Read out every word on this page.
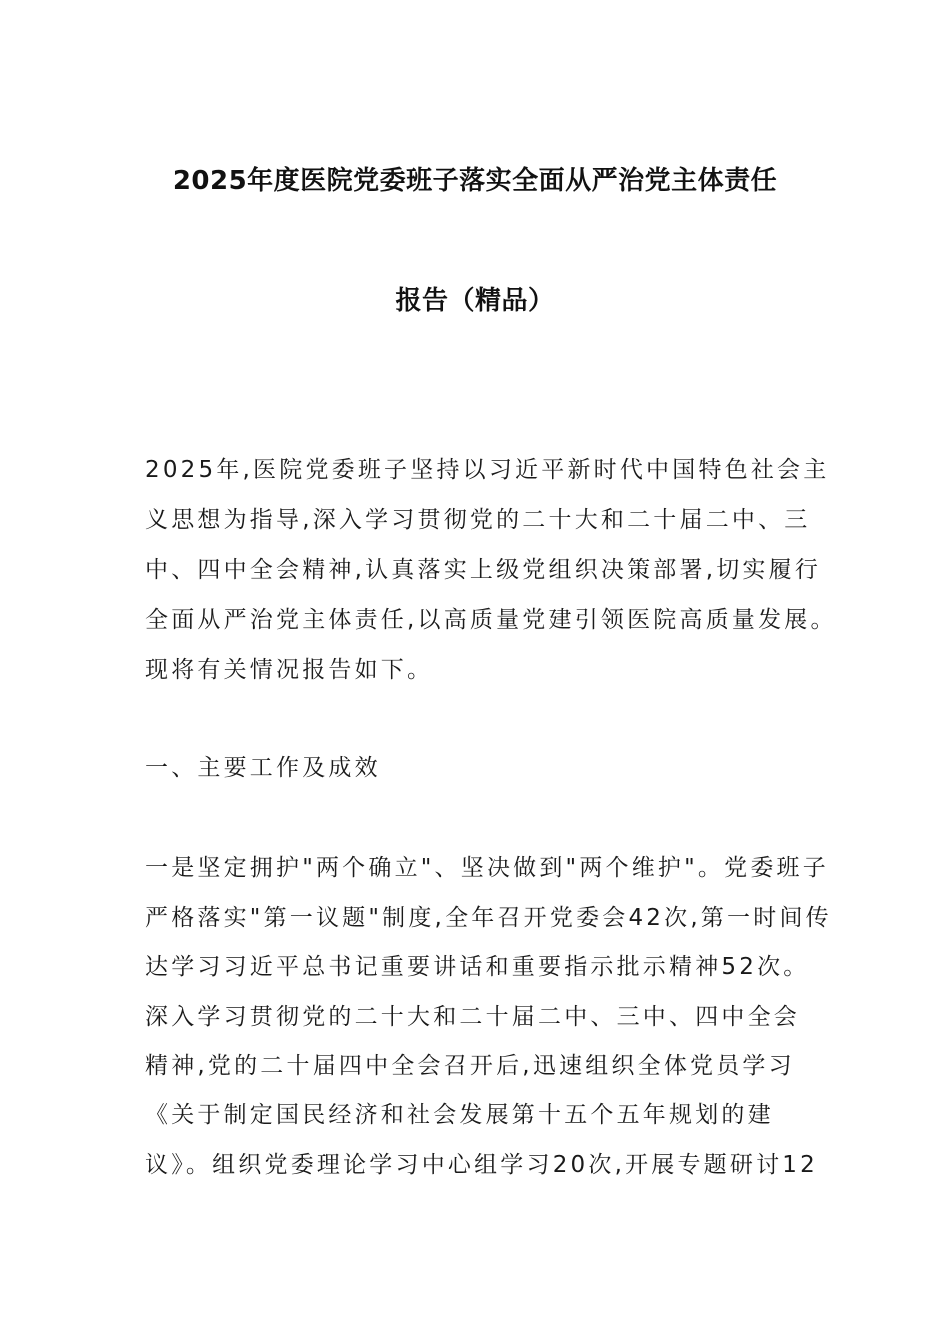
2025年度医院党委班子落实全面从严治党主体责任
报告（精品）
2025年,医院党委班子坚持以习近平新时代中国特色社会主
义思想为指导,深入学习贯彻党的二十大和二十届二中、三
中、四中全会精神,认真落实上级党组织决策部署,切实履行
全面从严治党主体责任,以高质量党建引领医院高质量发展。
现将有关情况报告如下。
一、主要工作及成效
一是坚定拥护"两个确立"、坚决做到"两个维护"。党委班子
严格落实"第一议题"制度,全年召开党委会42次,第一时间传
达学习习近平总书记重要讲话和重要指示批示精神52次。
深入学习贯彻党的二十大和二十届二中、三中、四中全会
精神,党的二十届四中全会召开后,迅速组织全体党员学习
《关于制定国民经济和社会发展第十五个五年规划的建
议》。组织党委理论学习中心组学习20次,开展专题研讨12
